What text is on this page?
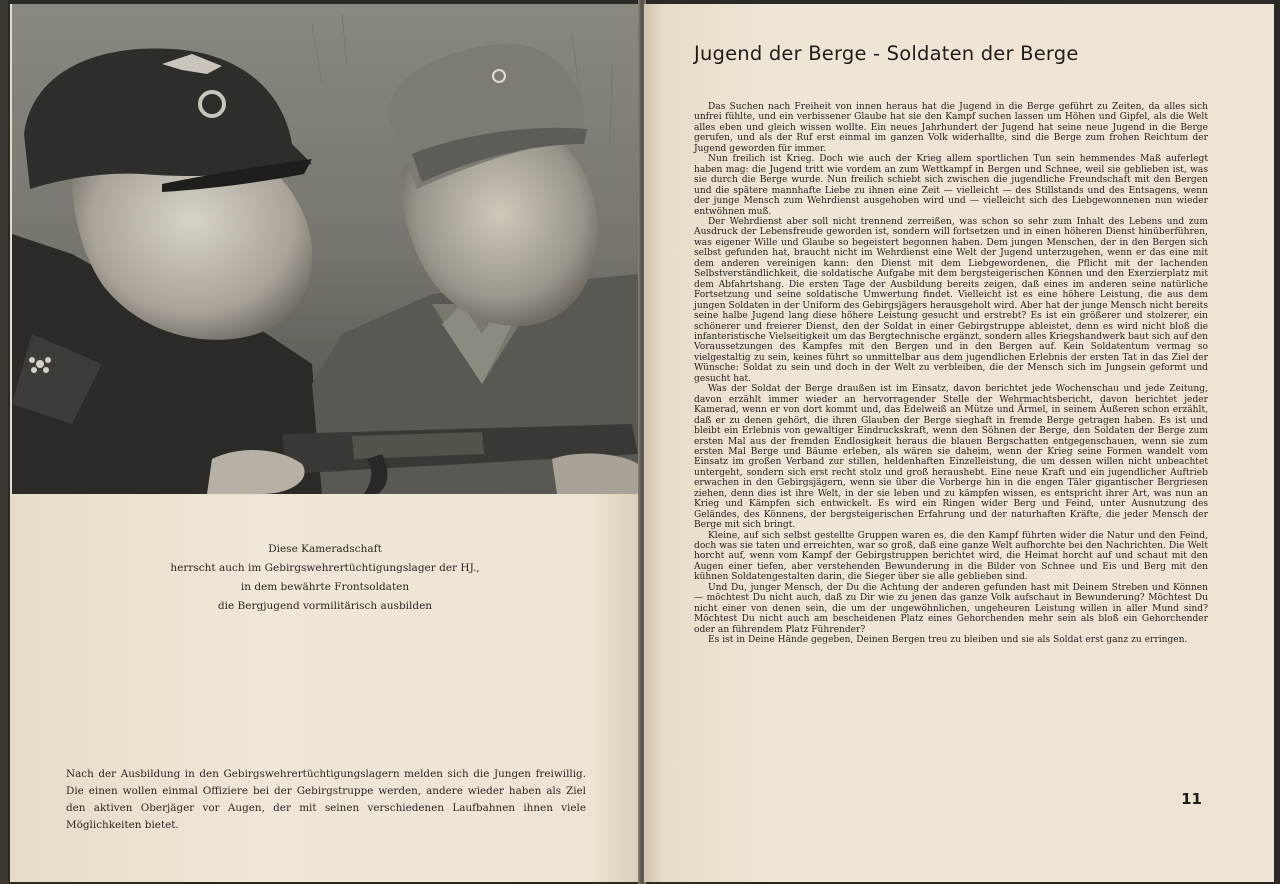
Diese Kameradschaft
herrscht auch im Gebirgswehrertüchtigungslager der HJ.,
in dem bewährte Frontsoldaten
die Bergjugend vormilitärisch ausbilden
Nach der Ausbildung in den Gebirgswehrertüchtigungslagern melden sich die Jungen freiwillig. Die einen wollen einmal Offiziere bei der Gebirgstruppe werden, andere wieder haben als Ziel den aktiven Oberjäger vor Augen, der mit seinen verschiedenen Laufbahnen ihnen viele Möglichkeiten bietet.
Jugend der Berge - Soldaten der Berge

Das Suchen nach Freiheit von innen heraus hat die Jugend in die Berge geführt zu Zeiten, da alles sich unfrei fühlte, und ein verbissener Glaube hat sie den Kampf suchen lassen um Höhen und Gipfel, als die Welt alles eben und gleich wissen wollte. Ein neues Jahrhundert der Jugend hat seine neue Jugend in die Berge gerufen, und als der Ruf erst einmal im ganzen Volk widerhallte, sind die Berge zum frohen Reichtum der Jugend geworden für immer.

Nun freilich ist Krieg. Doch wie auch der Krieg allem sportlichen Tun sein hemmendes Maß auferlegt haben mag: die Jugend tritt wie vordem an zum Wettkampf in Bergen und Schnee, weil sie geblieben ist, was sie durch die Berge wurde. Nun freilich schiebt sich zwischen die jugendliche Freundschaft mit den Bergen und die spätere mannhafte Liebe zu ihnen eine Zeit — vielleicht — des Stillstands und des Entsagens, wenn der junge Mensch zum Wehrdienst ausgehoben wird und — vielleicht sich des Liebgewonnenen nun wieder entwöhnen muß.

Der Wehrdienst aber soll nicht trennend zerreißen, was schon so sehr zum Inhalt des Lebens und zum Ausdruck der Lebensfreude geworden ist, sondern will fortsetzen und in einen höheren Dienst hinüberführen, was eigener Wille und Glaube so begeistert begonnen haben. Dem jungen Menschen, der in den Bergen sich selbst gefunden hat, braucht nicht im Wehrdienst eine Welt der Jugend unterzugehen, wenn er das eine mit dem anderen vereinigen kann: den Dienst mit dem Liebgewordenen, die Pflicht mit der lachenden Selbstverständlichkeit, die soldatische Aufgabe mit dem bergsteigerischen Können und den Exerzierplatz mit dem Abfahrtshang. Die ersten Tage der Ausbildung bereits zeigen, daß eines im anderen seine natürliche Fortsetzung und seine soldatische Umwertung findet. Vielleicht ist es eine höhere Leistung, die aus dem jungen Soldaten in der Uniform des Gebirgsjägers herausgeholt wird. Aber hat der junge Mensch nicht bereits seine halbe Jugend lang diese höhere Leistung gesucht und erstrebt? Es ist ein größerer und stolzerer, ein schönerer und freierer Dienst, den der Soldat in einer Gebirgstruppe ableistet, denn es wird nicht bloß die infanteristische Vielseitigkeit um das Bergtechnische ergänzt, sondern alles Kriegshandwerk baut sich auf den Voraussetzungen des Kampfes mit den Bergen und in den Bergen auf. Kein Soldatentum vermag so vielgestaltig zu sein, keines führt so unmittelbar aus dem jugendlichen Erlebnis der ersten Tat in das Ziel der Wünsche: Soldat zu sein und doch in der Welt zu verbleiben, die der Mensch sich im Jungsein geformt und gesucht hat.

Was der Soldat der Berge draußen ist im Einsatz, davon berichtet jede Wochenschau und jede Zeitung, davon erzählt immer wieder an hervorragender Stelle der Wehrmachtsbericht, davon berichtet jeder Kamerad, wenn er von dort kommt und, das Edelweiß an Mütze und Ärmel, in seinem Äußeren schon erzählt, daß er zu denen gehört, die ihren Glauben der Berge sieghaft in fremde Berge getragen haben. Es ist und bleibt ein Erlebnis von gewaltiger Eindruckskraft, wenn den Söhnen der Berge, den Soldaten der Berge zum ersten Mal aus der fremden Endlosigkeit heraus die blauen Bergschatten entgegenschauen, wenn sie zum ersten Mal Berge und Bäume erleben, als wären sie daheim, wenn der Krieg seine Formen wandelt vom Einsatz im großen Verband zur stillen, heldenhaften Einzelleistung, die um dessen willen nicht unbeachtet untergeht, sondern sich erst recht stolz und groß heraushebt. Eine neue Kraft und ein jugendlicher Auftrieb erwachen in den Gebirgsjägern, wenn sie über die Vorberge hin in die engen Täler gigantischer Bergriesen ziehen, denn dies ist ihre Welt, in der sie leben und zu kämpfen wissen, es entspricht ihrer Art, was nun an Krieg und Kämpfen sich entwickelt. Es wird ein Ringen wider Berg und Feind, unter Ausnutzung des Geländes, des Könnens, der bergsteigerischen Erfahrung und der naturhaften Kräfte, die jeder Mensch der Berge mit sich bringt.

Kleine, auf sich selbst gestellte Gruppen waren es, die den Kampf führten wider die Natur und den Feind, doch was sie taten und erreichten, war so groß, daß eine ganze Welt aufhorchte bei den Nachrichten. Die Welt horcht auf, wenn vom Kampf der Gebirgstruppen berichtet wird, die Heimat horcht auf und schaut mit den Augen einer tiefen, aber verstehenden Bewunderung in die Bilder von Schnee und Eis und Berg mit den kühnen Soldatengestalten darin, die Sieger über sie alle geblieben sind.

Und Du, junger Mensch, der Du die Achtung der anderen gefunden hast mit Deinem Streben und Können — möchtest Du nicht auch, daß zu Dir wie zu jenen das ganze Volk aufschaut in Bewunderung? Möchtest Du nicht einer von denen sein, die um der ungewöhnlichen, ungeheuren Leistung willen in aller Mund sind? Möchtest Du nicht auch am bescheidenen Platz eines Gehorchenden mehr sein als bloß ein Gehorchender oder an führendem Platz Führender?

Es ist in Deine Hände gegeben, Deinen Bergen treu zu bleiben und sie als Soldat erst ganz zu erringen.

11
